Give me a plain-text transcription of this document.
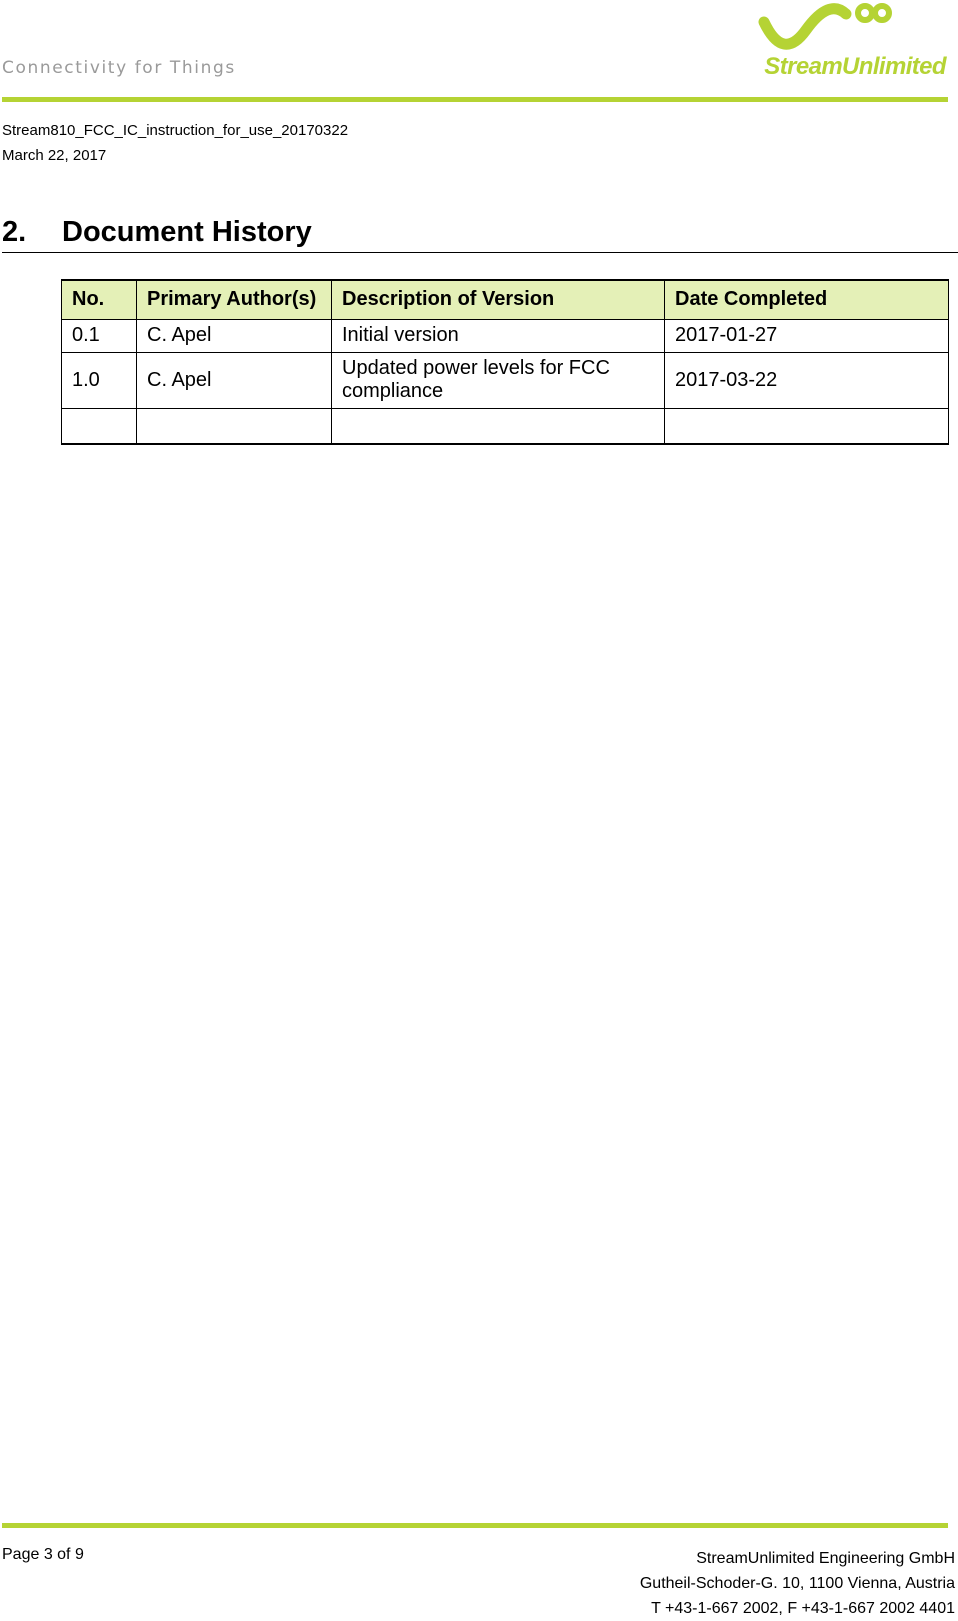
Connectivity for Things	StreamUnlimited
Stream810_FCC_IC_instruction_for_use_20170322
March 22, 2017
2. Document History
No.	Primary Author(s)	Description of Version	Date Completed
0.1	C. Apel	Initial version	2017-01-27
1.0	C. Apel	Updated power levels for FCC compliance	2017-03-22

Page 3 of 9	StreamUnlimited Engineering GmbH
Gutheil-Schoder-G. 10, 1100 Vienna, Austria
T +43-1-667 2002, F +43-1-667 2002 4401
